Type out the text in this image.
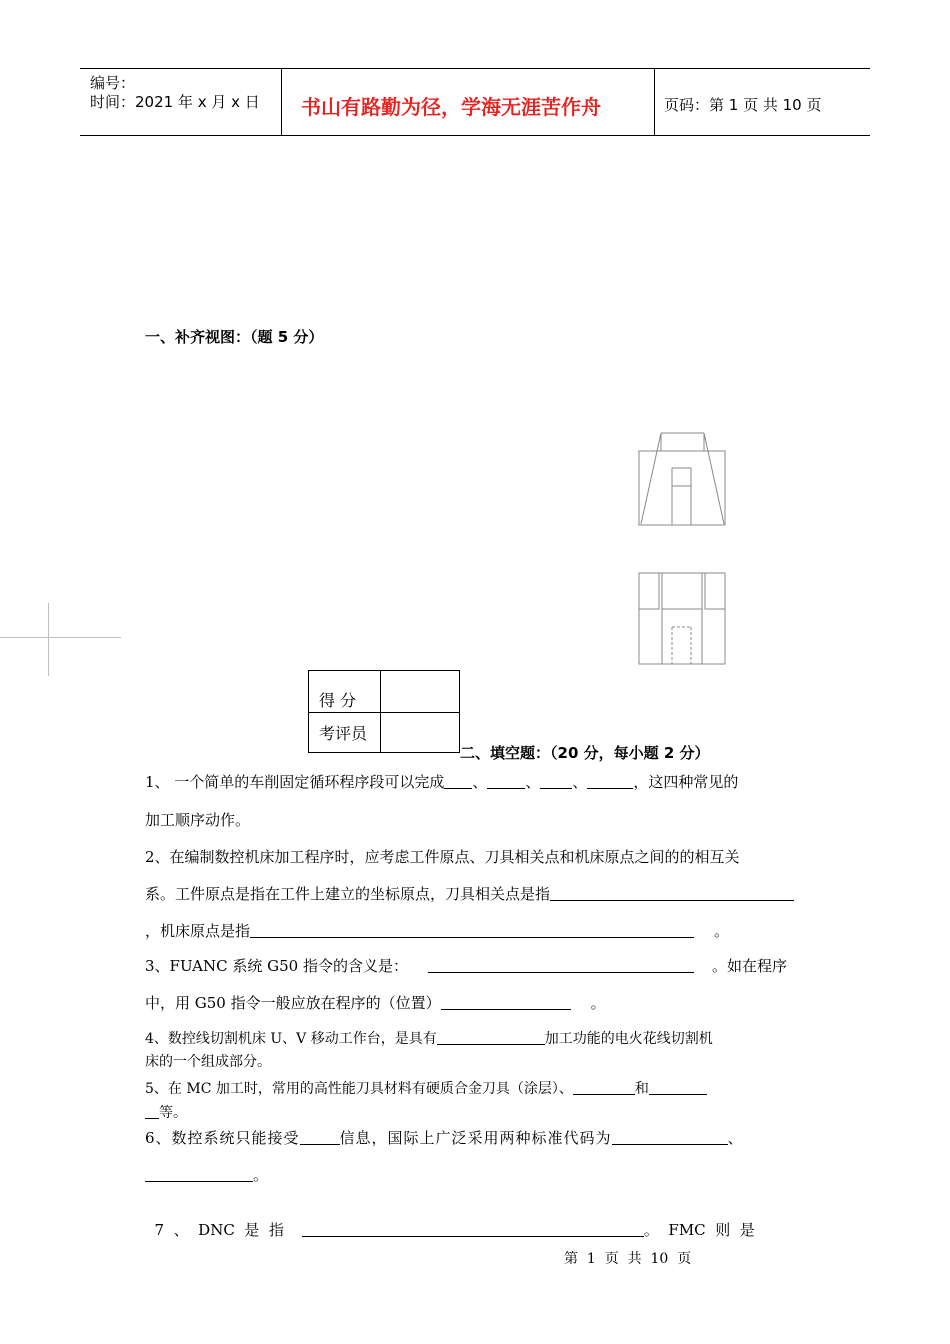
编号：
时间：2021 年 x 月 x 日 书山有路勤为径，学海无涯苦作舟	页码：第 1 页 共 10 页
一、补齐视图：（题 5 分）
得 分
考评员
二、填空题：（20 分，每小题 2 分）
1、 一个简单的车削固定循环程序段可以完成 、	、 、	，这四种常见的
加工顺序动作。
2、在编制数控机床加工程序时，应考虑工件原点、刀具相关点和机床原点之间的的相互关
系。工件原点是指在工件上建立的坐标原点，刀具相关点是指
，机床原点是指	。
3、FUANC 系统 G50 指令的含义是：	。如在程序
中，用 G50 指令一般应放在程序的（位置）	。
4、数控线切割机床 U、V 移动工作台，是具有	加工功能的电火花线切割机
床的一个组成部分。
5、在 MC 加工时，常用的高性能刀具材料有硬质合金刀具（涂层）、	和
等。
6、数控系统只能接受	信息，国际上广泛采用两种标准代码为	、
。

7  、  DNC  是  指	。  FMC  则  是

第  1  页  共  10  页
